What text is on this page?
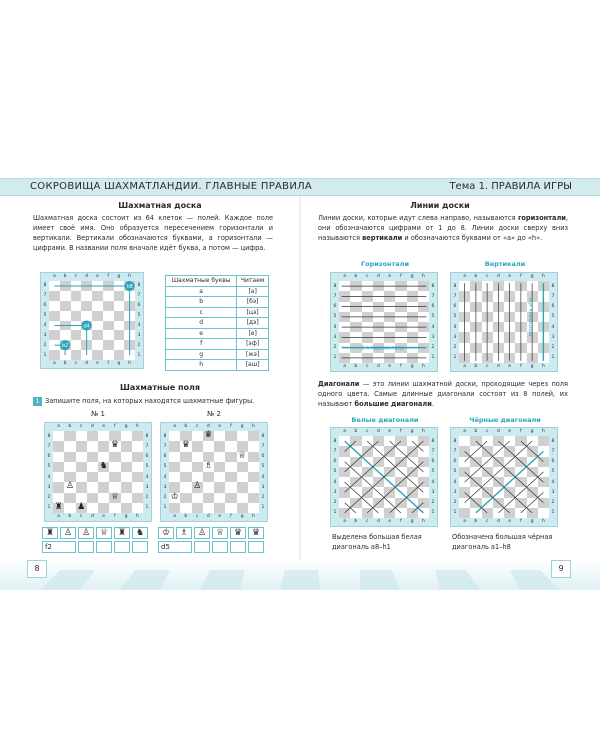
СОКРОВИЩА ШАХМАТЛАНДИИ. ГЛАВНЫЕ ПРАВИЛА	Тема 1. ПРАВИЛА ИГРЫ
Шахматная доска
Шахматная доска состоит из 64 клеток — полей. Каждое поле имеет своё имя. Оно образуется пересечением горизонтали и вертикали. Вертикали обозначаются буквами, а горизонтали — цифрами. В названии поля вначале идёт буква, а потом — цифра.
a
a
b
b
c
c
d
d
e
e
f
f
g
g
h
h
8	8
7	7
6	6
5	5
4	4
3	3
2	2
1	1
h8
d4
b2
Шахматные буквы	Читаем
a	[а]
b	[бэ]
c	[цэ]
d	[дэ]
e	[е]
f	[эф]
g	[жэ]
h	[аш]
Шахматные поля
1 Запишите поля, на которых находятся шахматные фигуры.
№ 1	№ 2
a
a
b
b
c
c
d
d
e
e
f
f
g
g
h
h
8	8
7	7
6	6
5	5
4	4
3	3
2	2
1	1
♛
♞
♙
♕
♟
♜
a
a
b
b
c
c
d
d
e
e
f
f
g
g
h
h
8	8
7	7
6	6
5	5
4	4
3	3
2	2
1	1
♛
♛
♕
♗
♙
♔
♜	♙	♙	♕	♜	♞
f2
♔	♗	♙	♕	♛	♛
d5
Линии доски
Линии доски, которые идут слева направо, называются горизонтали, они обозначаются цифрами от 1 до 8. Линии доски сверху вниз называются вертикали и обозначаются буквами от «a» до «h».
Горизонтали	Вертикали
a
a
b
b
c
c
d
d
e
e
f
f
g
g
h
h
8	8
7	7
6	6
5	5
4	4
3	3
2	2
1	1
2-я горизонталь
a
a
b
b
c
c
d
d
e
e
f
f
g
g
h
h
8	8
7	7
6	6
5	5
4	4
3	3
2	2
1	1
вертикаль «h»
Диагонали — это линии шахматной доски, проходящие через поля одного цвета. Самые длинные диагонали состоят из 8 полей, их называют большие диагонали.
Белые диагонали	Чёрные диагонали
a
a
b
b
c
c
d
d
e
e
f
f
g
g
h
h
8	8
7	7
6	6
5	5
4	4
3	3
2	2
1	1
a
a
b
b
c
c
d
d
e
e
f
f
g
g
h
h
8	8
7	7
6	6
5	5
4	4
3	3
2	2
1	1
Выделена большая белая диагональ a8–h1
Обозначена большая чёрная диагональ a1–h8
8	9
